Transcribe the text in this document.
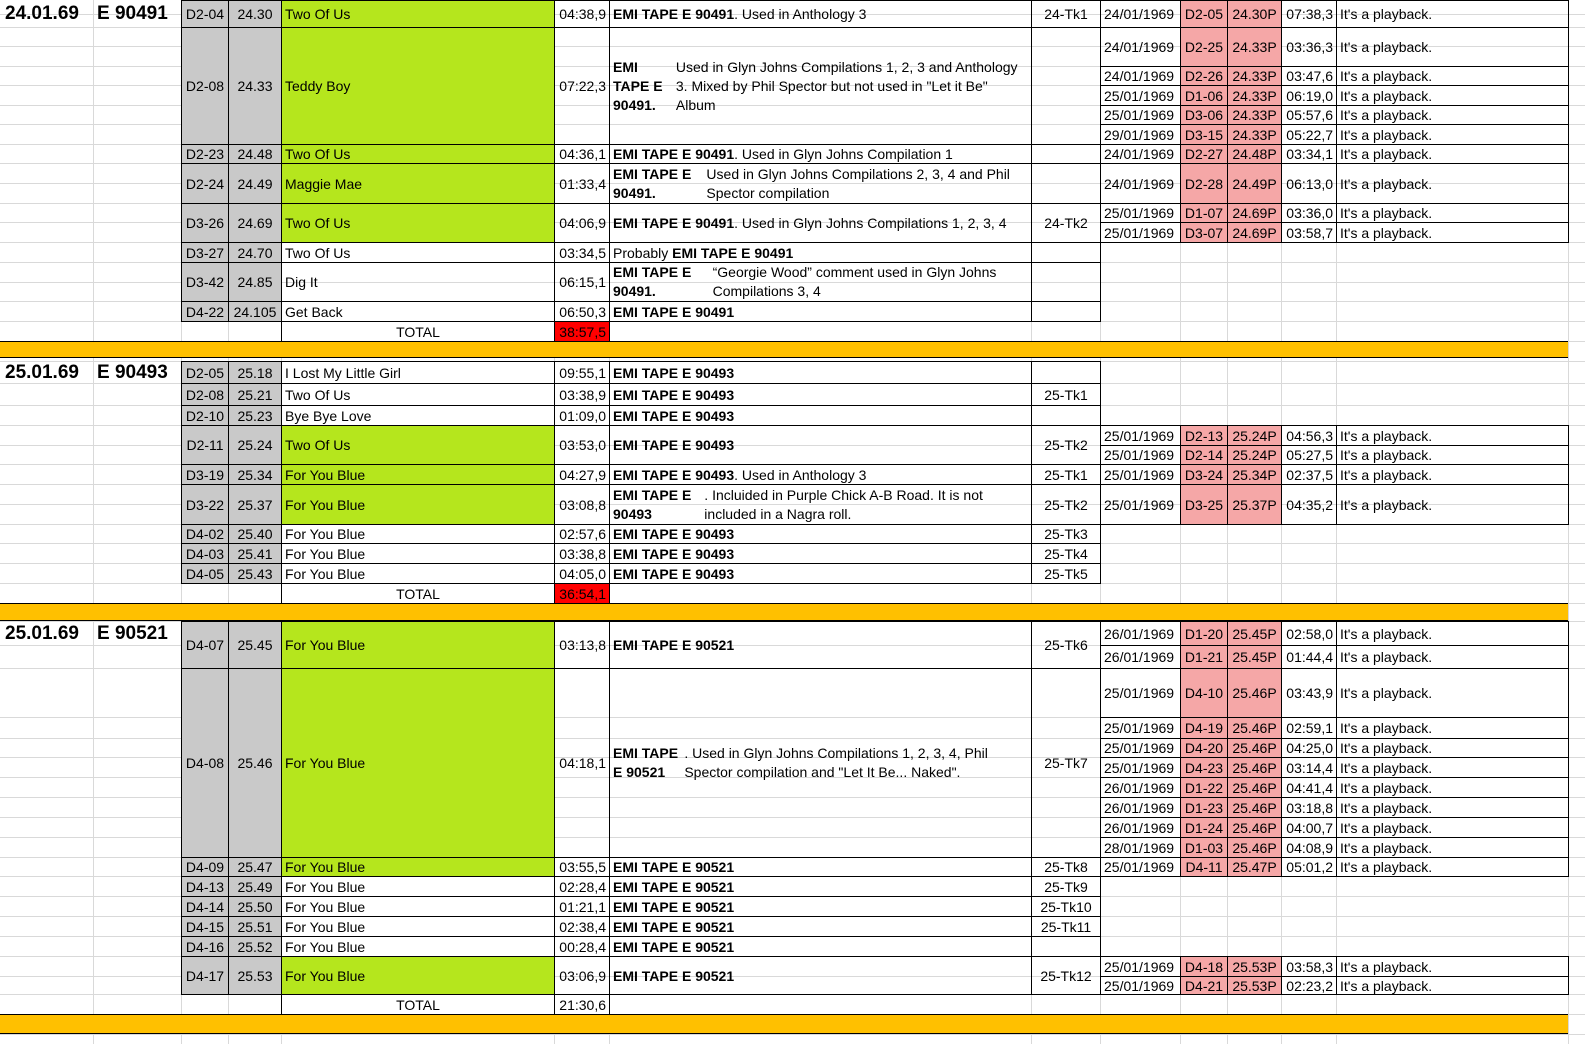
24.01.69 E 90491	D2-04 24.30 Two Of Us	04:38,9 EMI TAPE E 90491. Used in Anthology 3	24-Tk1
D2-08 24.33 Teddy Boy	07:22,3
EMI TAPE E 90491.
Used in Glyn Johns Compilations 1, 2, 3 and Anthology 3. Mixed by Phil Spector but not used in "Let it Be" Album
D2-23 24.48 Two Of Us	04:36,1 EMI TAPE E 90491. Used in Glyn Johns Compilation 1
D2-24 24.49 Maggie Mae	01:33,4
EMI TAPE E 90491.
Used in Glyn Johns Compilations 2, 3, 4 and Phil Spector compilation
D3-26 24.69 Two Of Us	04:06,9 EMI TAPE E 90491. Used in Glyn Johns Compilations 1, 2, 3, 4	24-Tk2
D3-27 24.70 Two Of Us	03:34,5 Probably EMI TAPE E 90491
D3-42 24.85 Dig It	06:15,1
EMI TAPE E 90491.
“Georgie Wood” comment used in Glyn Johns Compilations 3, 4
D4-22 24.105 Get Back	06:50,3 EMI TAPE E 90491
24/01/1969 D2-05 24.30P 07:38,3 It's a playback.
24/01/1969 D2-25 24.33P 03:36,3 It's a playback.
24/01/1969 D2-26 24.33P 03:47,6 It's a playback.
25/01/1969 D1-06 24.33P 06:19,0 It's a playback.
25/01/1969 D3-06 24.33P 05:57,6 It's a playback.
29/01/1969 D3-15 24.33P 05:22,7 It's a playback.
24/01/1969 D2-27 24.48P 03:34,1 It's a playback.
24/01/1969 D2-28 24.49P 06:13,0 It's a playback.
25/01/1969 D1-07 24.69P 03:36,0 It's a playback.
25/01/1969 D3-07 24.69P 03:58,7 It's a playback.
TOTAL	38:57,5
25.01.69 E 90493	D2-05 25.18 I Lost My Little Girl	09:55,1 EMI TAPE E 90493
D2-08 25.21 Two Of Us	03:38,9 EMI TAPE E 90493	25-Tk1
D2-10 25.23 Bye Bye Love	01:09,0 EMI TAPE E 90493
D2-11 25.24 Two Of Us	03:53,0 EMI TAPE E 90493	25-Tk2
D3-19 25.34 For You Blue	04:27,9 EMI TAPE E 90493. Used in Anthology 3	25-Tk1
D3-22 25.37 For You Blue	03:08,8
EMI TAPE E 90493
. Incluided in Purple Chick A-B Road. It is not included in a Nagra roll.
25-Tk2
D4-02 25.40 For You Blue	02:57,6 EMI TAPE E 90493	25-Tk3
D4-03 25.41 For You Blue	03:38,8 EMI TAPE E 90493	25-Tk4
D4-05 25.43 For You Blue	04:05,0 EMI TAPE E 90493	25-Tk5
25/01/1969 D2-13 25.24P 04:56,3 It's a playback.
25/01/1969 D2-14 25.24P 05:27,5 It's a playback.
25/01/1969 D3-24 25.34P 02:37,5 It's a playback.
25/01/1969 D3-25 25.37P 04:35,2 It's a playback.
TOTAL	36:54,1
25.01.69 E 90521
D4-07 25.45 For You Blue	03:13,8 EMI TAPE E 90521	25-Tk6
D4-08 25.46 For You Blue	04:18,1
EMI TAPE E 90521
. Used in Glyn Johns Compilations 1, 2, 3, 4, Phil Spector compilation and "Let It Be... Naked".
25-Tk7
D4-09 25.47 For You Blue	03:55,5 EMI TAPE E 90521	25-Tk8
D4-13 25.49 For You Blue	02:28,4 EMI TAPE E 90521	25-Tk9
D4-14 25.50 For You Blue	01:21,1 EMI TAPE E 90521	25-Tk10
D4-15 25.51 For You Blue	02:38,4 EMI TAPE E 90521	25-Tk11
D4-16 25.52 For You Blue	00:28,4 EMI TAPE E 90521
D4-17 25.53 For You Blue	03:06,9 EMI TAPE E 90521	25-Tk12
26/01/1969 D1-20 25.45P 02:58,0 It's a playback.
26/01/1969 D1-21 25.45P 01:44,4 It's a playback.
25/01/1969 D4-10 25.46P 03:43,9 It's a playback.
25/01/1969 D4-19 25.46P 02:59,1 It's a playback.
25/01/1969 D4-20 25.46P 04:25,0 It's a playback.
25/01/1969 D4-23 25.46P 03:14,4 It's a playback.
26/01/1969 D1-22 25.46P 04:41,4 It's a playback.
26/01/1969 D1-23 25.46P 03:18,8 It's a playback.
26/01/1969 D1-24 25.46P 04:00,7 It's a playback.
28/01/1969 D1-03 25.46P 04:08,9 It's a playback.
25/01/1969 D4-11 25.47P 05:01,2 It's a playback.
25/01/1969 D4-18 25.53P 03:58,3 It's a playback.
25/01/1969 D4-21 25.53P 02:23,2 It's a playback.
TOTAL	21:30,6
